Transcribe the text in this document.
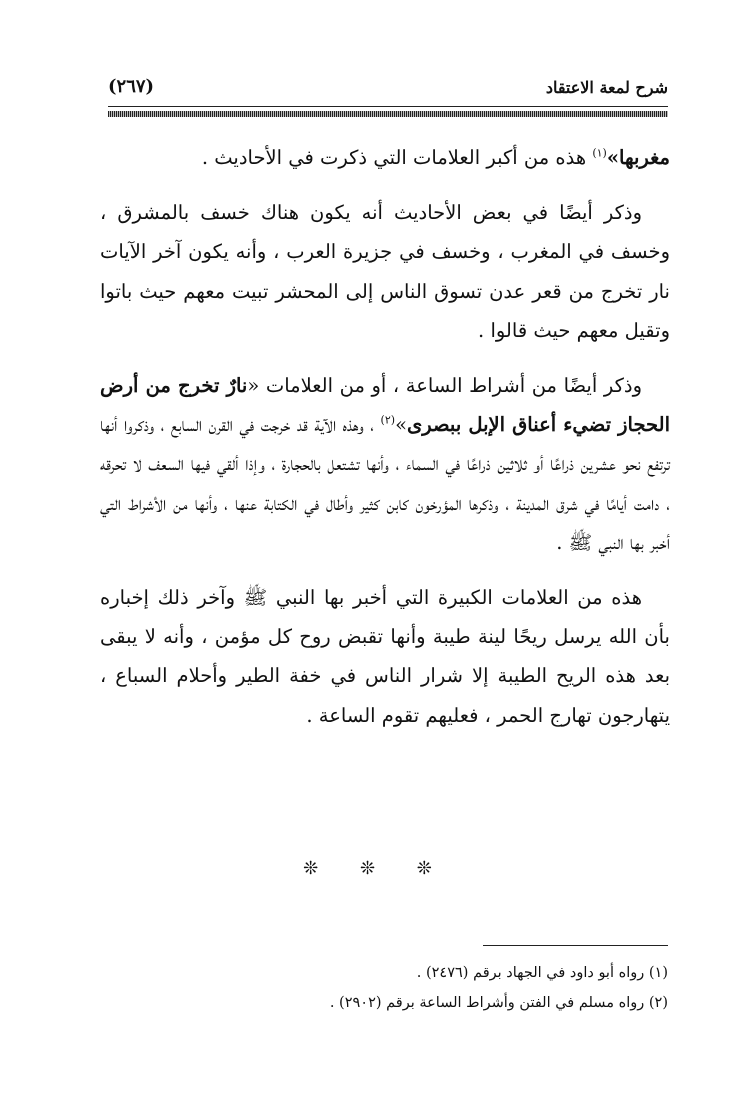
شرح لمعة الاعتقاد
(٢٦٧)

مغربها»$^{(١)}$ هذه من أكبر العلامات التي ذكرت في الأحاديث .

وذكر أيضًا في بعض الأحاديث أنه يكون هناك خسف بالمشرق ، وخسف في المغرب ، وخسف في جزيرة العرب ، وأنه يكون آخر الآيات نار تخرج من قعر عدن تسوق الناس إلى المحشر تبيت معهم حيث باتوا وتقيل معهم حيث قالوا .

وذكر أيضًا من أشراط الساعة ، أو من العلامات «نارٌ تخرج من أرض الحجاز تضيء أعناق الإبل ببصرى»$^{(٢)}$ ، وهذه الآية قد خرجت في القرن السابع ، وذكروا أنها ترتفع نحو عشرين ذراعًا أو ثلاثين ذراعًا في السماء ، وأنها تشتعل بالحجارة ، وإذا ألقي فيها السعف لا تحرقه ، دامت أيامًا في شرق المدينة ، وذكرها المؤرخون كابن كثير وأطال في الكتابة عنها ، وأنها من الأشراط التي أخبر بها النبي ﷺ .

هذه من العلامات الكبيرة التي أخبر بها النبي ﷺ وآخر ذلك إخباره بأن الله يرسل ريحًا لينة طيبة وأنها تقبض روح كل مؤمن ، وأنه لا يبقى بعد هذه الريح الطيبة إلا شرار الناس في خفة الطير وأحلام السباع ، يتهارجون تهارج الحمر ، فعليهم تقوم الساعة .

❊ ❊ ❊
(١) رواه أبو داود في الجهاد برقم (٢٤٧٦) .
(٢) رواه مسلم في الفتن وأشراط الساعة برقم (٢٩٠٢) .
